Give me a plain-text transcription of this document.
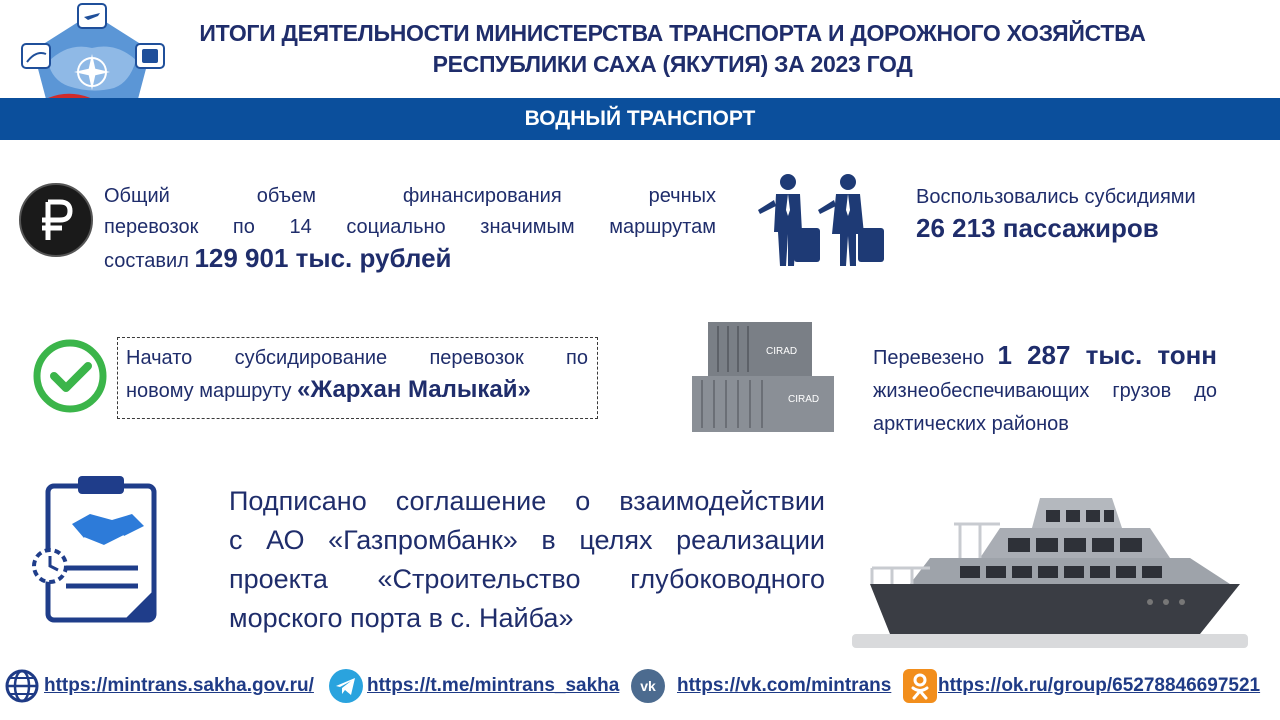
ИТОГИ ДЕЯТЕЛЬНОСТИ МИНИСТЕРСТВА ТРАНСПОРТА И ДОРОЖНОГО ХОЗЯЙСТВА
РЕСПУБЛИКИ САХА (ЯКУТИЯ) ЗА 2023 ГОД
ВОДНЫЙ ТРАНСПОРТ
Общий объем финансирования речных
перевозок по 14 социально значимым маршрутам
составил 129 901 тыс. рублей
Воспользовались субсидиями
26 213 пассажиров
Начато субсидирование перевозок по
новому маршруту «Жархан Малыкай»
CIRAD
CIRAD
Перевезено 1 287 тыс. тонн
жизнеобеспечивающих грузов до
арктических районов
Подписано соглашение о взаимодействии
с АО «Газпромбанк» в целях реализации
проекта «Строительство глубоководного
морского порта в с. Найба»
https://mintrans.sakha.gov.ru/	https://t.me/mintrans_sakha vk https://vk.com/mintrans https://ok.ru/group/65278846697521
